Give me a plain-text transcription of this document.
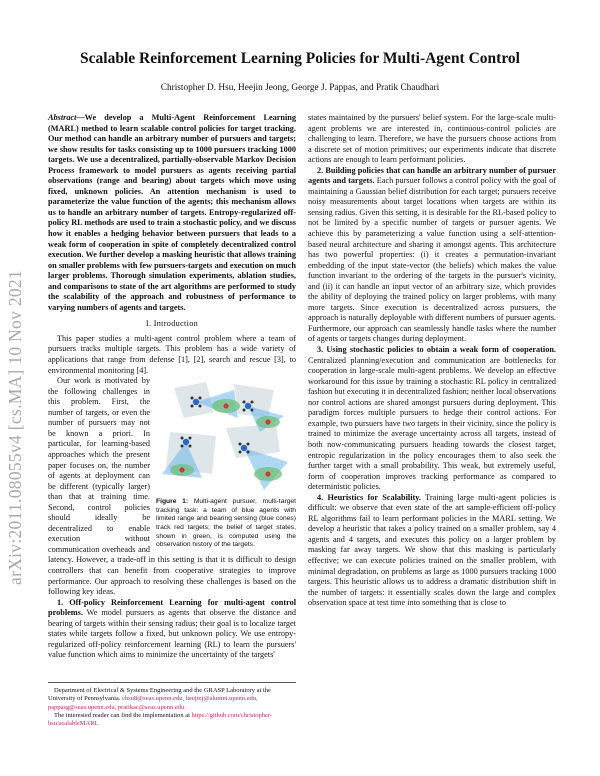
Scalable Reinforcement Learning Policies for Multi-Agent Control
Christopher D. Hsu, Heejin Jeong, George J. Pappas, and Pratik Chaudhari
arXiv:2011.08055v4 [cs.MA] 10 Nov 2021
Abstract—We develop a Multi-Agent Reinforcement Learning (MARL) method to learn scalable control policies for target tracking. Our method can handle an arbitrary number of pursuers and targets; we show results for tasks consisting up to 1000 pursuers tracking 1000 targets. We use a decentralized, partially-observable Markov Decision Process framework to model pursuers as agents receiving partial observations (range and bearing) about targets which move using fixed, unknown policies. An attention mechanism is used to parameterize the value function of the agents; this mechanism allows us to handle an arbitrary number of targets. Entropy-regularized off-policy RL methods are used to train a stochastic policy, and we discuss how it enables a hedging behavior between pursuers that leads to a weak form of cooperation in spite of completely decentralized control execution. We further develop a masking heuristic that allows training on smaller problems with few pursuers-targets and execution on much larger problems. Thorough simulation experiments, ablation studies, and comparisons to state of the art algorithms are performed to study the scalability of the approach and robustness of performance to varying numbers of agents and targets.
I. Introduction

This paper studies a multi-agent control problem where a team of pursuers tracks multiple targets. This problem has a wide variety of applications that range from defense [1], [2], search and rescue [3], to environmental monitoring [4].

Figure 1: Multi-agent pursuer, multi-target tracking task: a team of blue agents with limited range and bearing sensing (blue cones) track red targets; the belief of target states, shown in green, is computed using the observation history of the targets.

Our work is motivated by the following challenges in this problem. First, the number of targets, or even the number of pursuers may not be known a priori. In particular, for learning-based approaches which the present paper focuses on, the number of agents at deployment can be different (typically larger) than that at training time. Second, control policies should ideally be decentralized to enable execution	without communication overheads and latency. However, a trade-off in this setting is that it is difficult to design controllers that can benefit from cooperative strategies to improve performance. Our approach to resolving these challenges is based on the following key ideas.

1. Off-policy Reinforcement Learning for multi-agent control problems. We model pursuers as agents that observe the distance and bearing of targets within their sensing radius; their goal is to localize target states while targets follow a fixed, but unknown policy. We use entropy-regularized off-policy reinforcement learning (RL) to learn the pursuers' value function which aims to minimize the uncertainty of the targets'

Department of Electrical & Systems Engineering and the GRASP Laboratory at the University of Pennsylvania. chsu8@seas.upenn.edu, heejinj@alumni.upenn.edu, pappasg@seas.upenn.edu, pratikac@seas.upenn.edu.

The interested reader can find the implementation at https://github.com/christopher-hsu/scalableMARL

states maintained by the pursuers' belief system. For the large-scale multi-agent problems we are interested in, continuous-control policies are challenging to learn. Therefore, we have the pursuers choose actions from a discrete set of motion primitives; our experiments indicate that discrete actions are enough to learn performant policies.

2. Building policies that can handle an arbitrary number of pursuer agents and targets. Each pursuer follows a control policy with the goal of maintaining a Gaussian belief distribution for each target; pursuers receive noisy measurements about target locations when targets are within its sensing radius. Given this setting, it is desirable for the RL-based policy to not be limited by a specific number of targets or pursuer agents. We achieve this by parameterizing a value function using a self-attention-based neural architecture and sharing it amongst agents. This architecture has two powerful properties: (i) it creates a permutation-invariant embedding of the input state-vector (the beliefs) which makes the value function invariant to the ordering of the targets in the pursuer's vicinity, and (ii) it can handle an input vector of an arbitrary size, which provides the ability of deploying the trained policy on larger problems, with many more targets. Since execution is decentralized across pursuers, the approach is naturally deployable with different numbers of pursuer agents. Furthermore, our approach can seamlessly handle tasks where the number of agents or targets changes during deployment.

3. Using stochastic policies to obtain a weak form of cooperation. Centralized planning/execution and communication are bottlenecks for cooperation in large-scale multi-agent problems. We develop an effective workaround for this issue by training a stochastic RL policy in centralized fashion but executing it in decentralized fashion; neither local observations nor control actions are shared amongst pursuers during deployment. This paradigm forces multiple pursuers to hedge their control actions. For example, two pursuers have two targets in their vicinity, since the policy is trained to minimize the average uncertainty across all targets, instead of both now-communicating pursuers heading towards the closest target, entropic regularization in the policy encourages them to also seek the further target with a small probability. This weak, but extremely useful, form of cooperation improves tracking performance as compared to deterministic policies.

4. Heuristics for Scalability. Training large multi-agent policies is difficult: we observe that even state of the art sample-efficient off-policy RL algorithms fail to learn performant policies in the MARL setting. We develop a heuristic that takes a policy trained on a smaller problem, say 4 agents and 4 targets, and executes this policy on a larger problem by masking far away targets. We show that this masking is particularly effective; we can execute policies trained on the smaller problem, with minimal degradation, on problems as large as 1000 pursuers tracking 1000 targets. This heuristic allows us to address a dramatic distribution shift in the number of targets: it essentially scales down the large and complex observation space at test time into something that is close to
